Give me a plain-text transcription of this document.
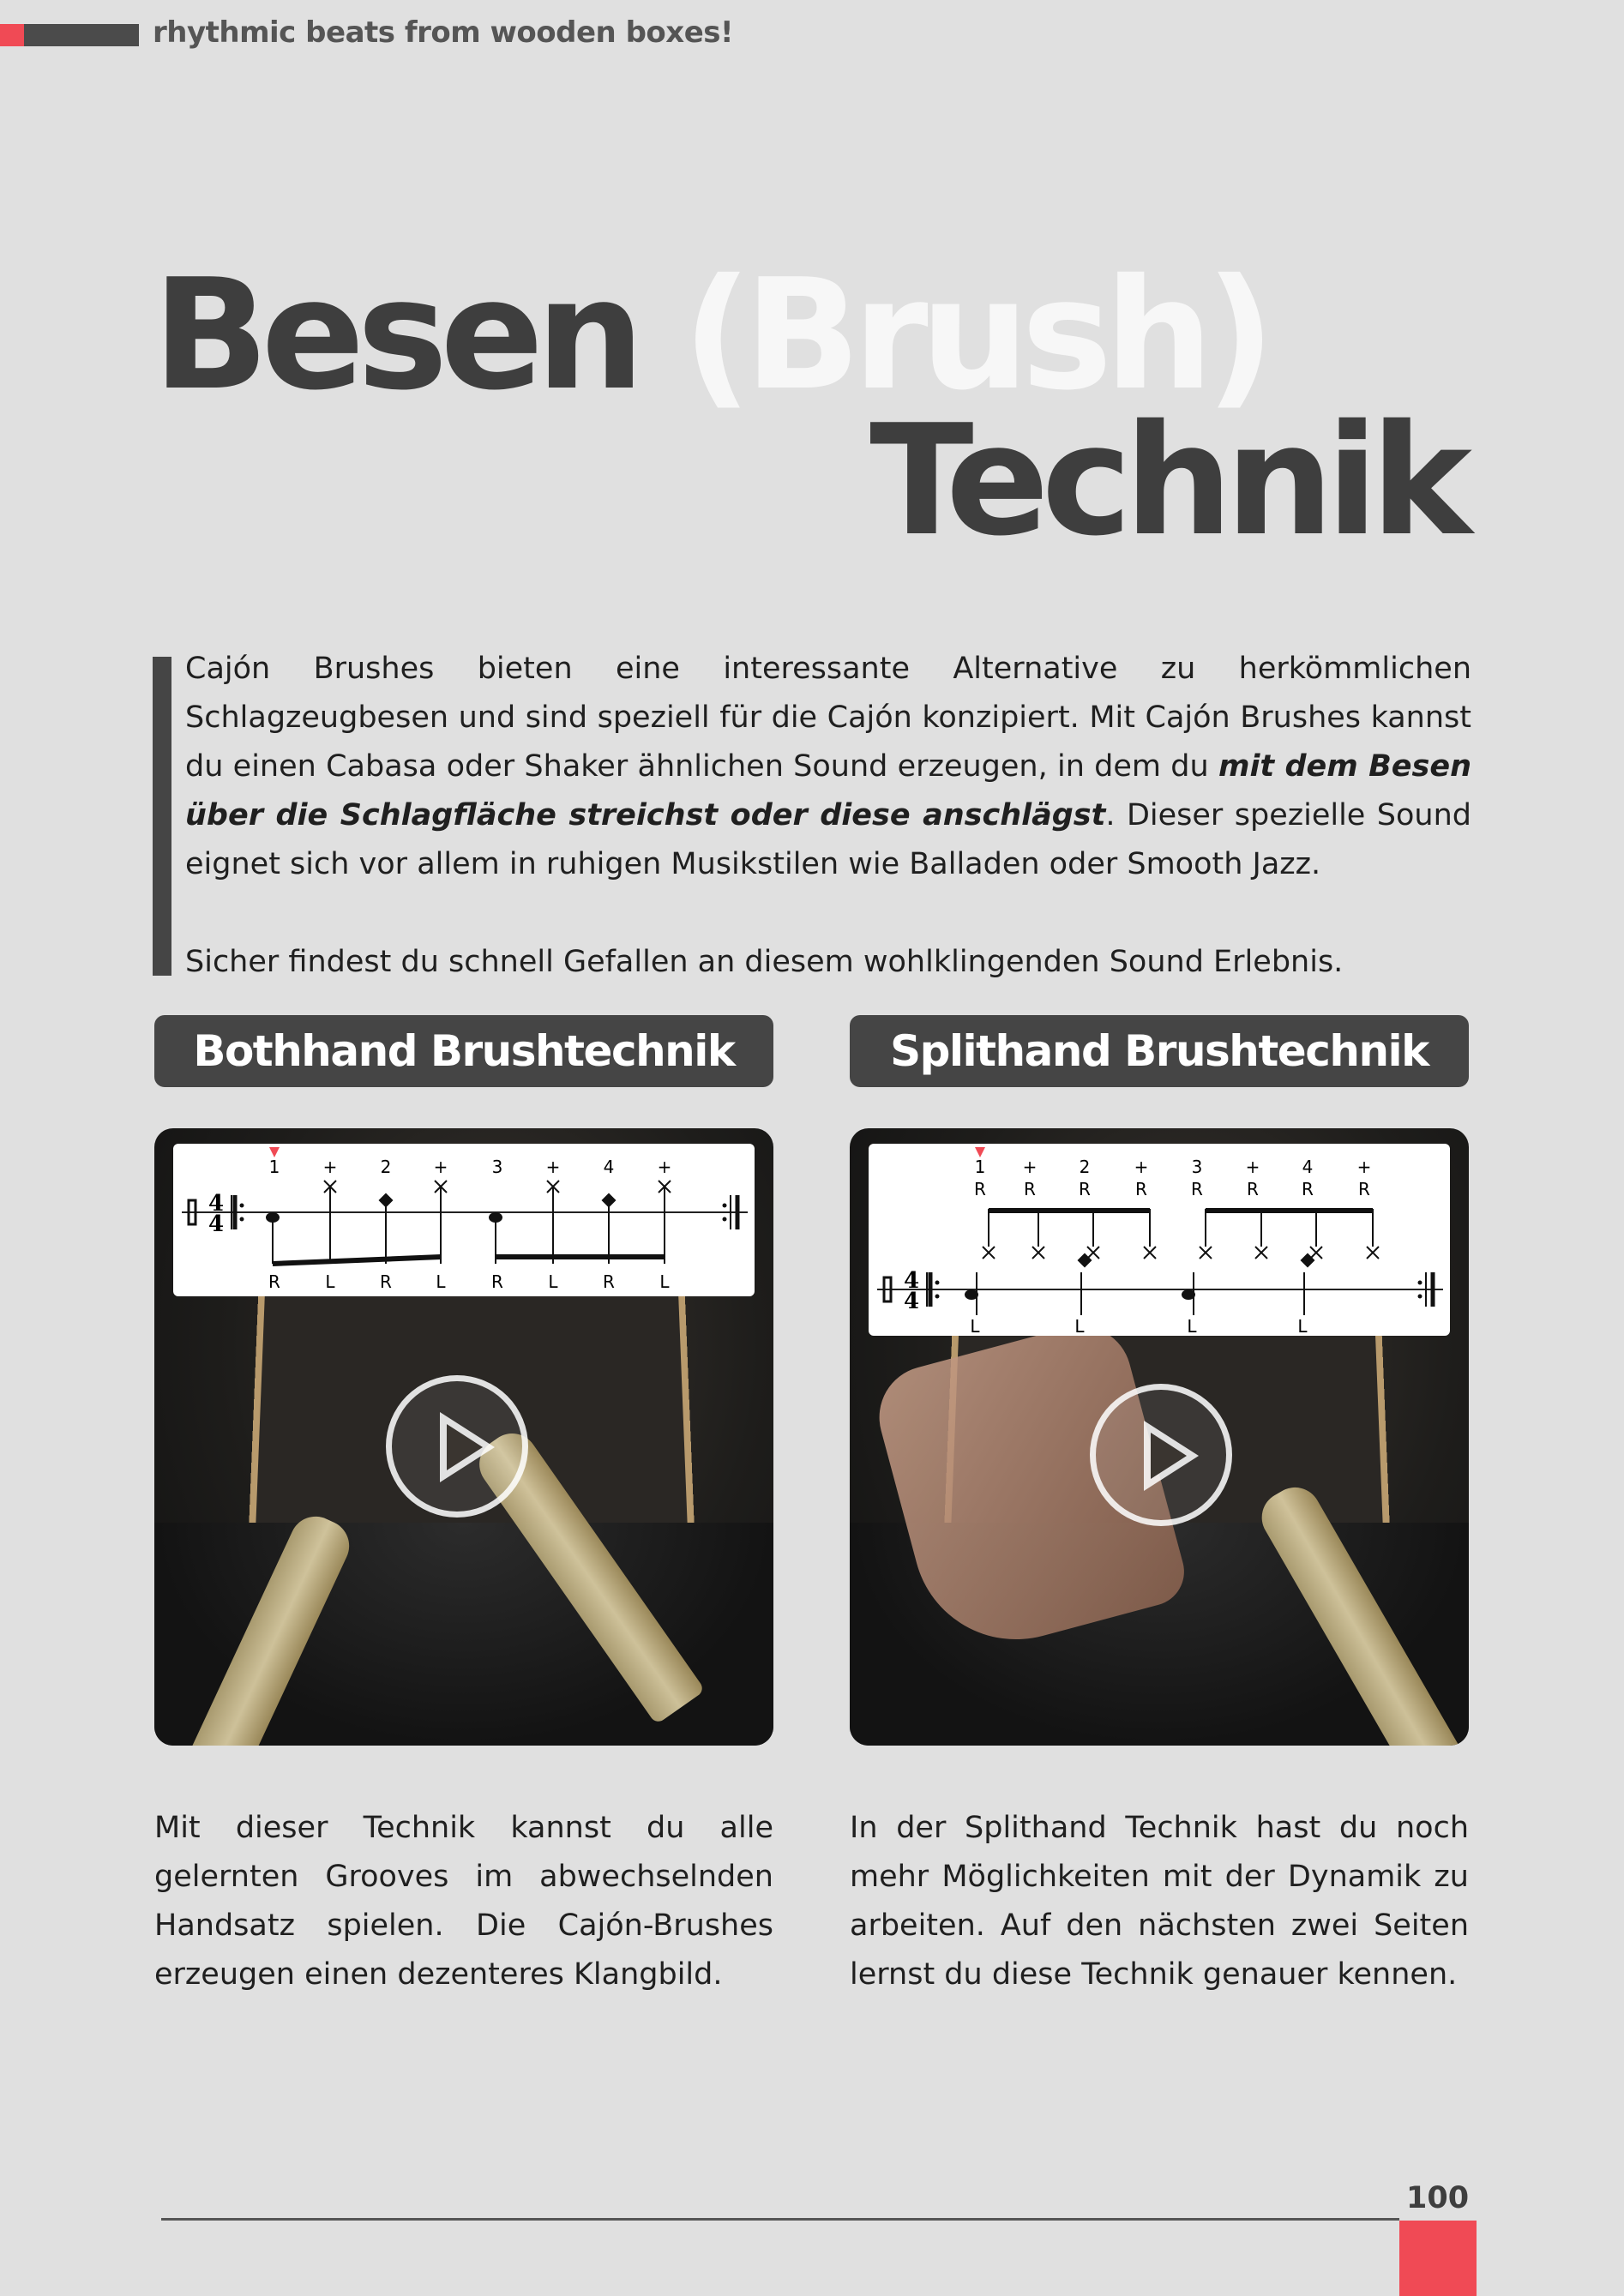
rhythmic beats from wooden boxes!
Besen (Brush)
Technik

Cajón Brushes bieten eine interessante Alternative zu herkömmlichen Schlagzeugbesen und sind speziell für die Cajón konzipiert. Mit Cajón Brushes kannst du einen Cabasa oder Shaker ähnlichen Sound erzeugen, in dem du mit dem Besen über die Schlagfläche streichst oder diese anschlägst. Dieser spezielle Sound eignet sich vor allem in ruhigen Musikstilen wie Balladen oder Smooth Jazz.

Sicher findest du schnell Gefallen an diesem wohlklingenden Sound Erlebnis.

Bothhand Brushtechnik
4
4
1	+	2 +	3	+	4	+
R	L	R	L	R	L	R	L
Mit dieser Technik kannst du alle gelernten Grooves im abwechselnden Handsatz spielen. Die Cajón-Brushes erzeugen einen dezenteres Klangbild.
Splithand Brushtechnik
4
4
1 + 2	+	3	+ 4	+
R R	R	R	R	R	R	R
L	L	L	L
In der Splithand Technik hast du noch mehr Möglichkeiten mit der Dynamik zu arbeiten. Auf den nächsten zwei Seiten lernst du diese Technik genauer kennen.
100
